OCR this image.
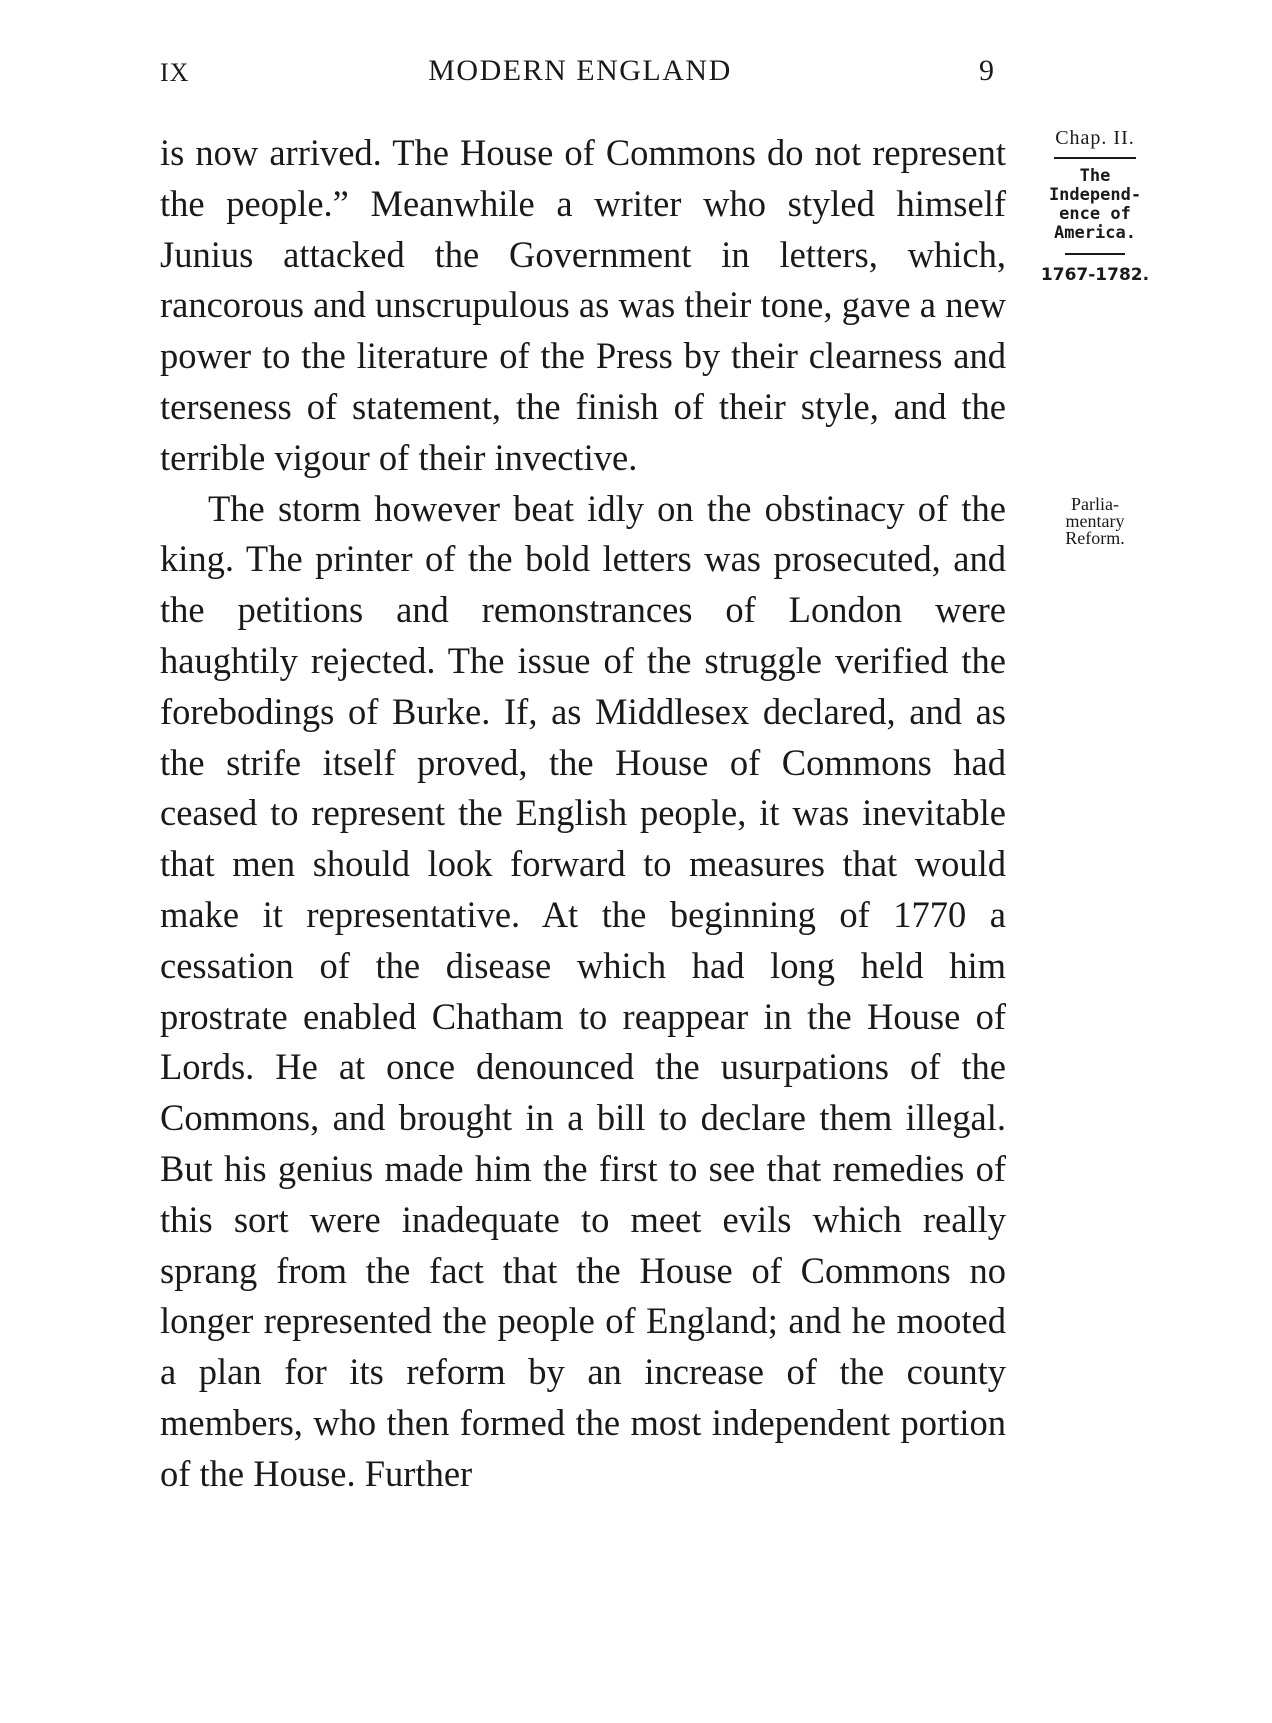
IX	MODERN ENGLAND	9

is now arrived. The House of Commons do not represent the people.” Meanwhile a writer who styled himself Junius attacked the Government in letters, which, rancorous and unscrupulous as was their tone, gave a new power to the literature of the Press by their clearness and terseness of statement, the finish of their style, and the terrible vigour of their invective.

The storm however beat idly on the obstinacy of the king. The printer of the bold letters was prosecuted, and the petitions and remonstrances of London were haughtily rejected. The issue of the struggle verified the forebodings of Burke. If, as Middlesex declared, and as the strife itself proved, the House of Commons had ceased to represent the English people, it was inevitable that men should look forward to measures that would make it representative. At the beginning of 1770 a cessation of the disease which had long held him prostrate enabled Chatham to reappear in the House of Lords. He at once denounced the usurpations of the Commons, and brought in a bill to declare them illegal. But his genius made him the first to see that remedies of this sort were inadequate to meet evils which really sprang from the fact that the House of Commons no longer represented the people of England; and he mooted a plan for its reform by an increase of the county members, who then formed the most independent portion of the House. Further

Chap. II.
The
Independ-
ence of
America.
1767-1782.
Parlia-
mentary
Reform.
